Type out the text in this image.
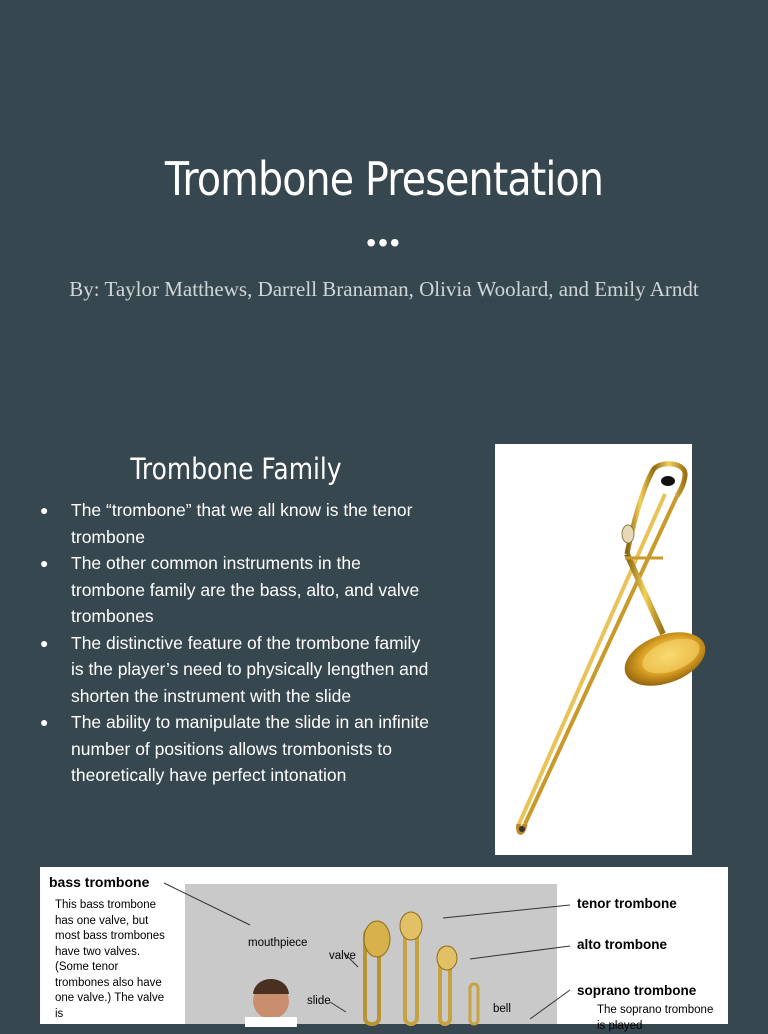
Trombone Presentation
•••
By: Taylor Matthews, Darrell Branaman, Olivia Woolard, and Emily Arndt
Trombone Family
● The “trombone” that we all know is the tenor trombone
● The other common instruments in the trombone family are the bass, alto, and valve trombones
● The distinctive feature of the trombone family is the player’s need to physically lengthen and shorten the instrument with the slide
● The ability to manipulate the slide in an infinite number of positions allows trombonists to theoretically have perfect intonation
bass trombone
This bass trombone has one valve, but most bass trombones have two valves. (Some tenor trombones also have one valve.) The valve is
tenor trombone
alto trombone
soprano trombone
The soprano trombone is played
mouthpiece
valve
slide
bell
